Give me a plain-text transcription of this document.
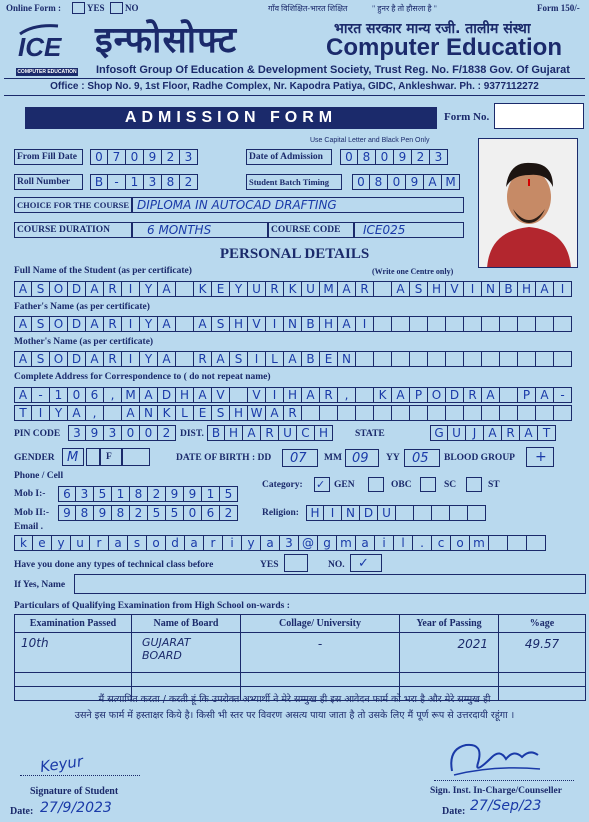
Online Form :	YES NO	गाँव विशिक्षित-भारत शिक्षित	" हुनर है तो हौसला है "	Form 150/-
ICE
COMPUTER EDUCATION
इन्फोसोफ्ट	भारत सरकार मान्य रजी. तालीम संस्था
Computer Education
Infosoft Group Of Education & Development Society, Trust Reg. No. F/1838 Gov. Of Gujarat
Office : Shop No. 9, 1st Floor, Radhe Complex, Nr. Kapodra Patiya, GIDC, Ankleshwar. Ph. : 9377112272
ADMISSION FORM	Form No.
Use Capital Letter and Black Pen Only
From Fill Date	0 7 0 9 2 3	Date of Admission	0 8 0 9 2 3
Roll Number	B -	1 3 8 2	Student Batch Timing	0 8 0 9 A M
CHOICE FOR THE COURSE DIPLOMA IN AUTOCAD DRAFTING
COURSE DURATION	6 MONTHS	COURSE CODE ICE025
PERSONAL DETAILS
Full Name of the Student (as per certificate)	(Write one Centre only)
A S O D A R	I	Y A	K E Y U R K U M A R	A S H V	I N B H A	I
Father's Name (as per certificate)
A S O D A R	I	Y A	A S H V	I N B H A	I
Mother's Name (as per certificate)
A S O D A R	I	Y A	R A S	I	L A B E N
Complete Address for Correspondence to ( do not repeat name)
A -	1 0 6	, M A D H A V	V	I H A R ,	K A P O D R A	P A -
T	I	Y A ,	A N K L E S H W A R
PIN CODE	3 9 3 0 0 2	DIST. B H A R U C H	STATE	G U J	A R A T
GENDER M	F	DATE OF BIRTH : DD 07 MM 09 YY 05 BLOOD GROUP +
Phone / Cell
Mob I:-	6 3 5 1 8 2 9 9 1 5
Mob II:-	9 8 9 8 2 5 5 0 6 2
Category: ✓ GEN	OBC	SC	ST
Religion: H I N D U
Email .
k e y u	r	a	s	o d a	r	i	y a 3 @ g m a	i	l	.	c	o m
Have you done any types of technical class before	YES	NO.	✓
If Yes, Name
Particulars of Qualifying Examination from High School on-wards :
Examination Passed	Name of Board	Collage/ University	Year of Passing	%age
10th	GUJARAT BOARD	-	2021	49.57

मैं सत्यापित करता / करती हूं कि उपरोक्त अभ्यार्थी ने मेरे सम्मुख ही इस आवेदन फार्म को भरा है और मेरे सम्मुख ही
उसने इस फार्म में हस्ताक्षर किये है। किसी भी स्तर पर विवरण असत्य पाया जाता है तो उसके लिए मैं पूर्ण रूप से उत्तरदायी रहूंगा ।
Keyur
Signature of Student
Date: 27/9/2023
Sign. Inst. In-Charge/Counseller
Date: 27/Sep/23
